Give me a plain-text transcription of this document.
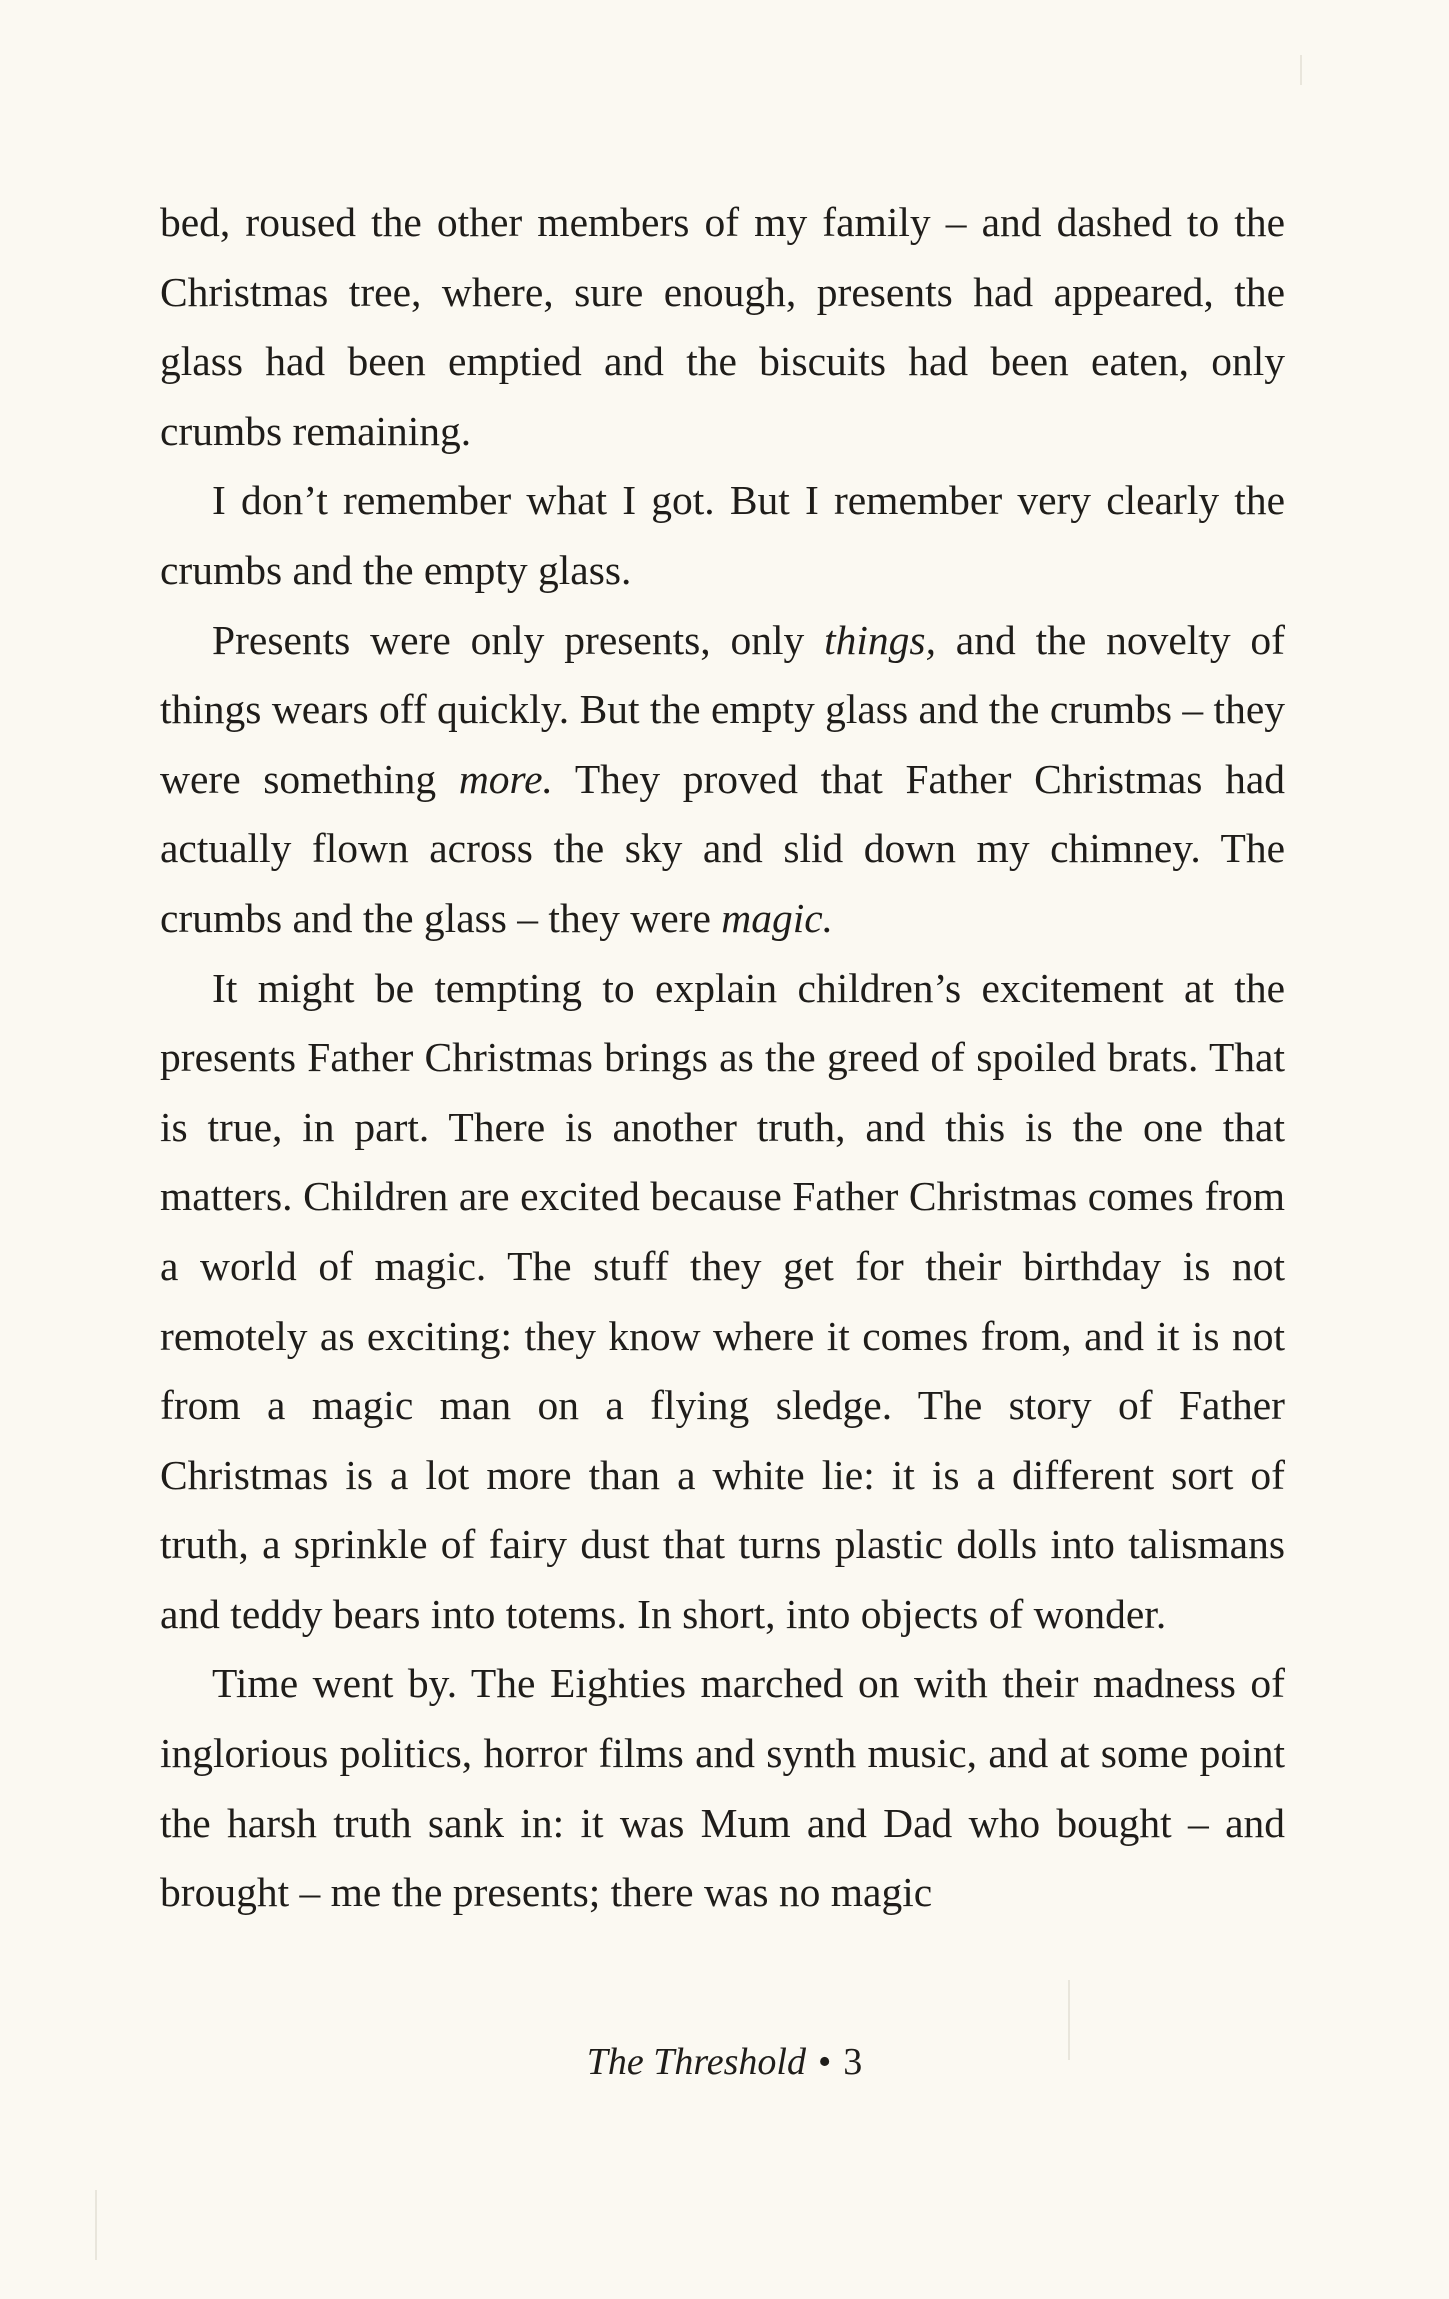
bed, roused the other members of my family – and dashed to the Christmas tree, where, sure enough, presents had appeared, the glass had been emptied and the biscuits had been eaten, only crumbs remaining.

I don’t remember what I got. But I remember very clearly the crumbs and the empty glass.

Presents were only presents, only things, and the novelty of things wears off quickly. But the empty glass and the crumbs – they were something more. They proved that Father Christmas had actually flown across the sky and slid down my chimney. The crumbs and the glass – they were magic.

It might be tempting to explain children’s excitement at the presents Father Christmas brings as the greed of spoiled brats. That is true, in part. There is another truth, and this is the one that matters. Children are excited because Father Christmas comes from a world of magic. The stuff they get for their birthday is not remotely as exciting: they know where it comes from, and it is not from a magic man on a flying sledge. The story of Father Christmas is a lot more than a white lie: it is a different sort of truth, a sprinkle of fairy dust that turns plastic dolls into talismans and teddy bears into totems. In short, into objects of wonder.

Time went by. The Eighties marched on with their madness of inglorious politics, horror films and synth music, and at some point the harsh truth sank in: it was Mum and Dad who bought – and brought – me the presents; there was no magic

The Threshold • 3
